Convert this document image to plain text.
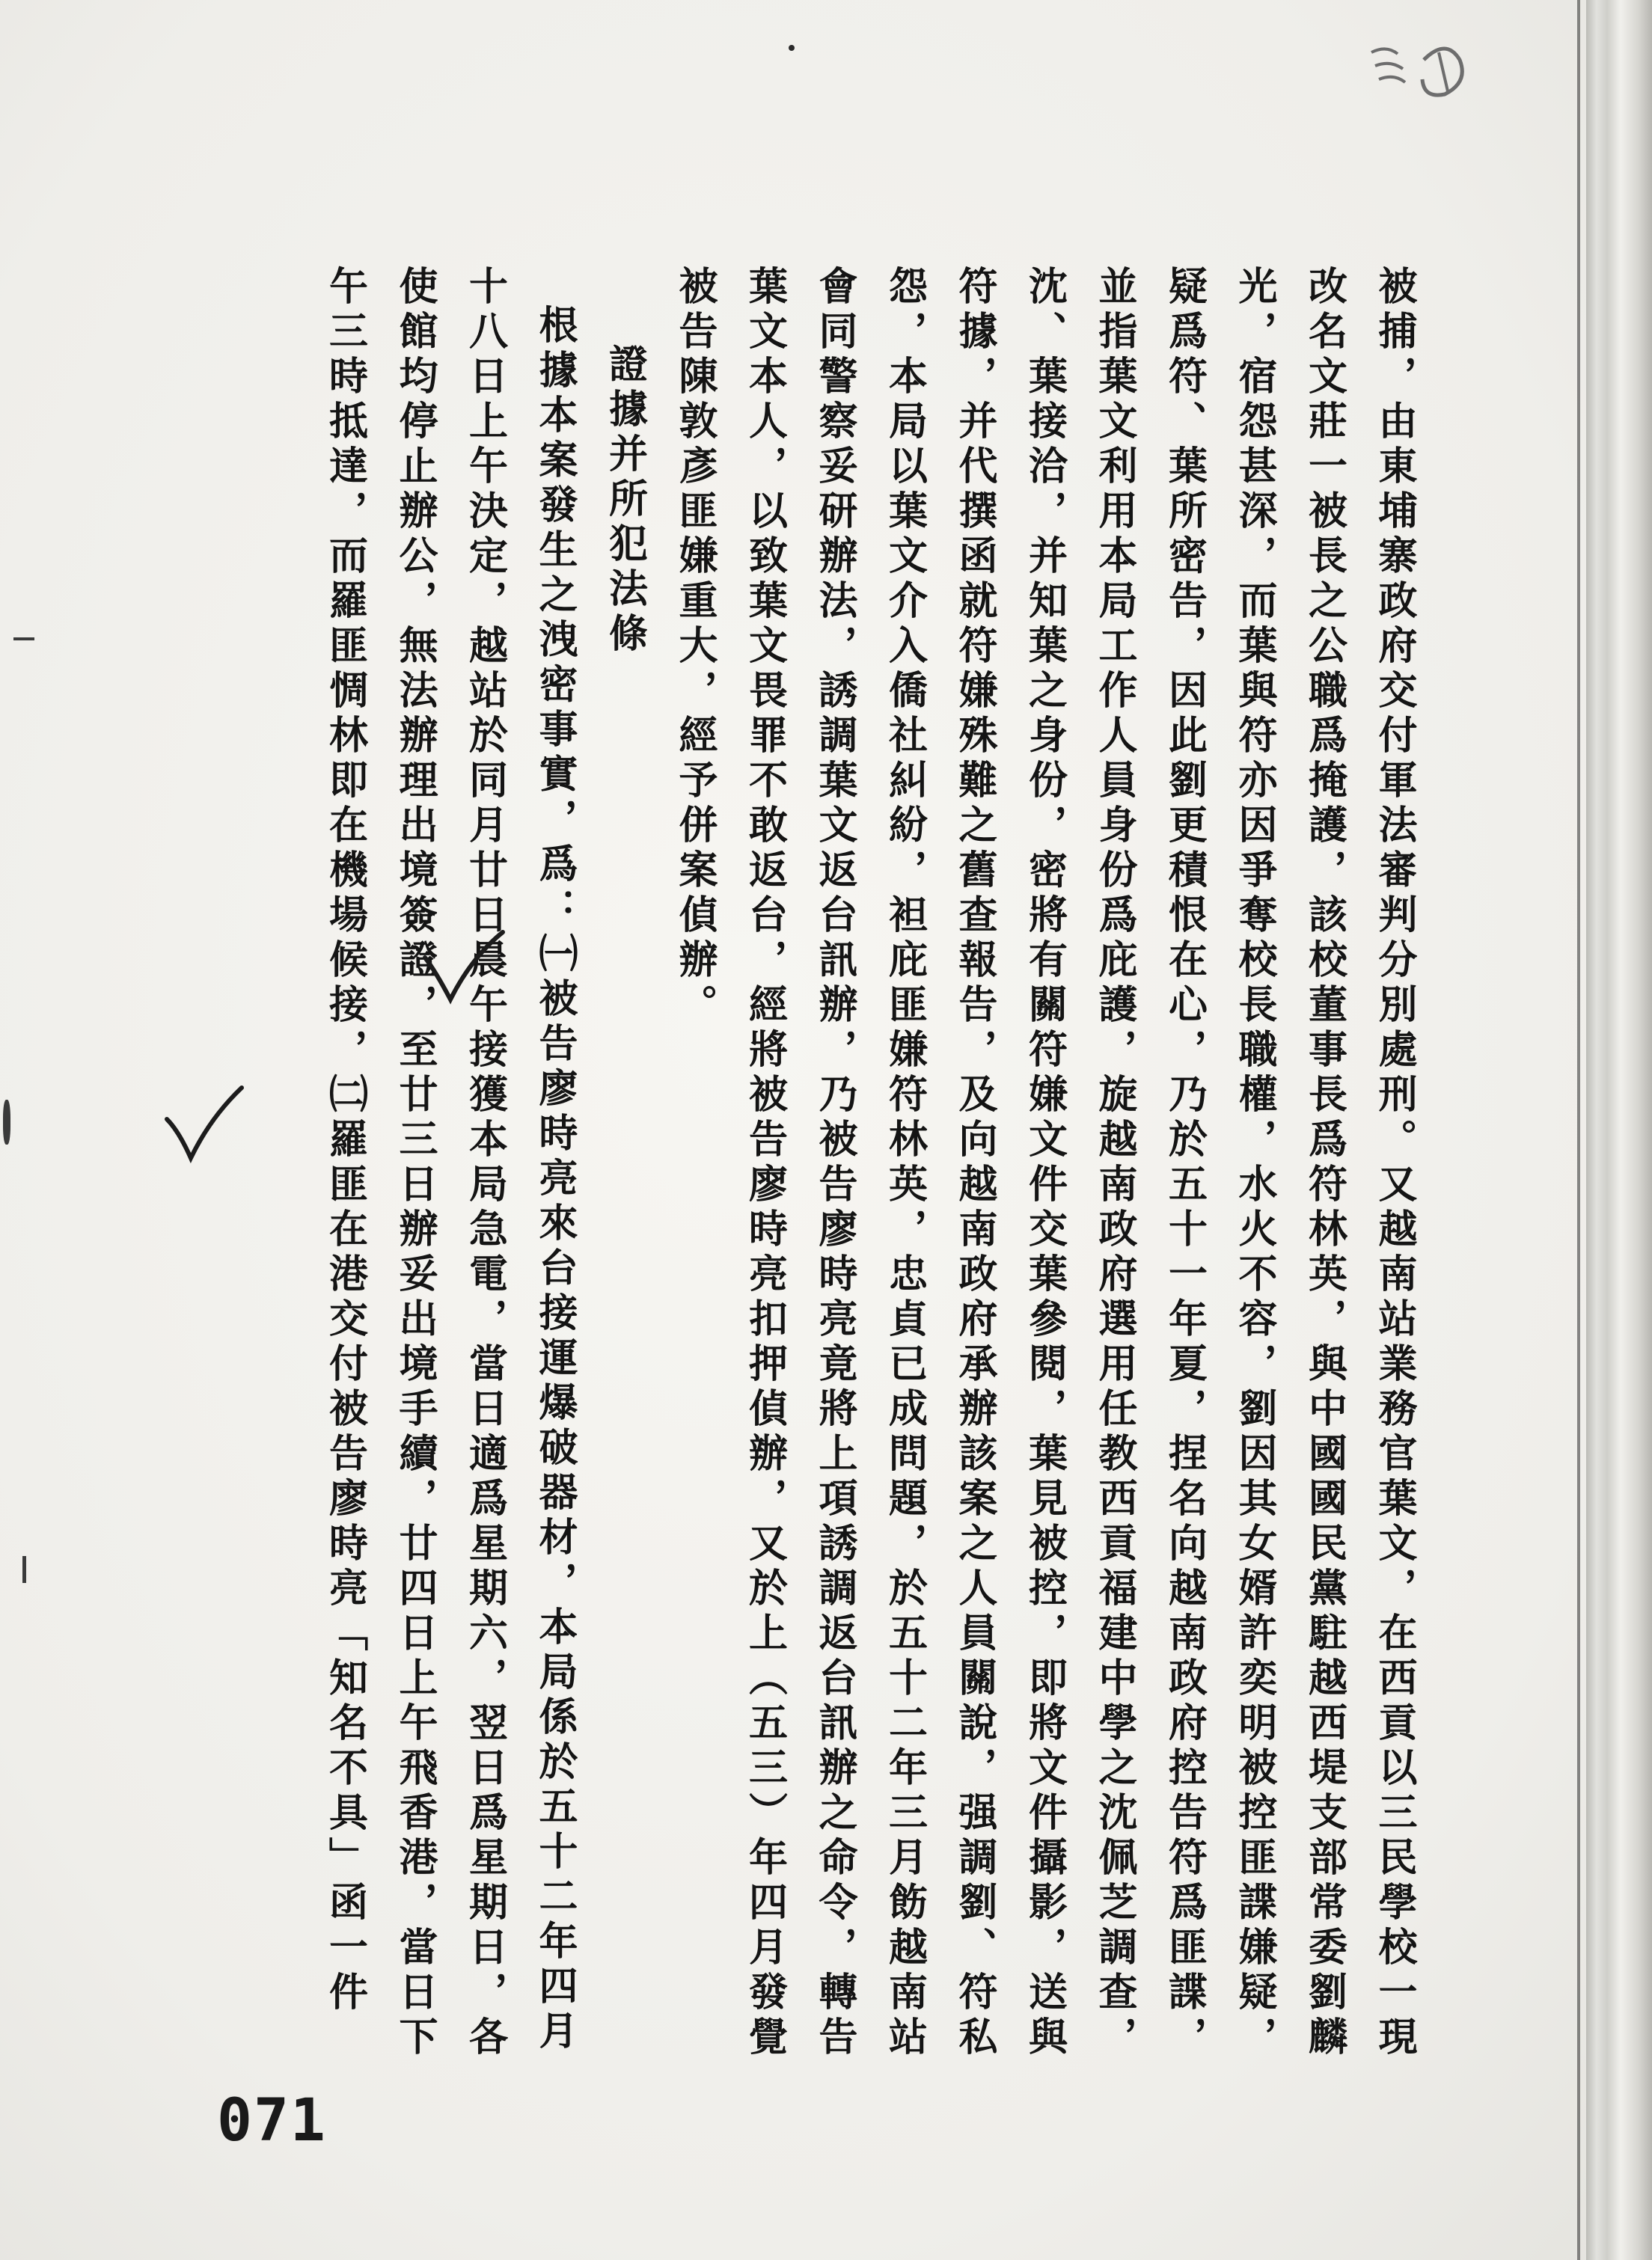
被捕，由東埔寨政府交付軍法審判分別處刑。又越南站業務官葉文，在西貢以三民學校一現改名文莊一被長之公職爲掩護，該校董事長爲符林英，與中國國民黨駐越西堤支部常委劉麟光，宿怨甚深，而葉與符亦因爭奪校長職權，水火不容，劉因其女婿許奕明被控匪諜嫌疑，疑爲符、葉所密告，因此劉更積恨在心，乃於五十一年夏，捏名向越南政府控告符爲匪諜，並指葉文利用本局工作人員身份爲庇護，旋越南政府選用任教西貢福建中學之沈佩芝調查，沈、葉接洽，并知葉之身份，密將有關符嫌文件交葉參閱，葉見被控，即將文件攝影，送與符據，并代撰函就符嫌殊難之舊查報告，及向越南政府承辦該案之人員關說，强調劉、符私怨，本局以葉文介入僑社糾紛，袒庇匪嫌符林英，忠貞已成問題，於五十二年三月飭越南站會同警察妥研辦法，誘調葉文返台訊辦，乃被告廖時亮竟將上項誘調返台訊辦之命令，轉告葉文本人，以致葉文畏罪不敢返台，經將被告廖時亮扣押偵辦，又於上（五三）年四月發覺被告陳敦彥匪嫌重大，經予併案偵辦。

證據并所犯法條

根據本案發生之洩密事實，爲：㈠被告廖時亮來台接運爆破器材，本局係於五十二年四月十八日上午決定，越站於同月廿日晨午接獲本局急電，當日適爲星期六，翌日爲星期日，各使館均停止辦公，無法辦理出境簽證，至廿三日辦妥出境手續，廿四日上午飛香港，當日下午三時抵達，而羅匪惆林即在機場候接，㈡羅匪在港交付被告廖時亮「知名不具」函一件

071
